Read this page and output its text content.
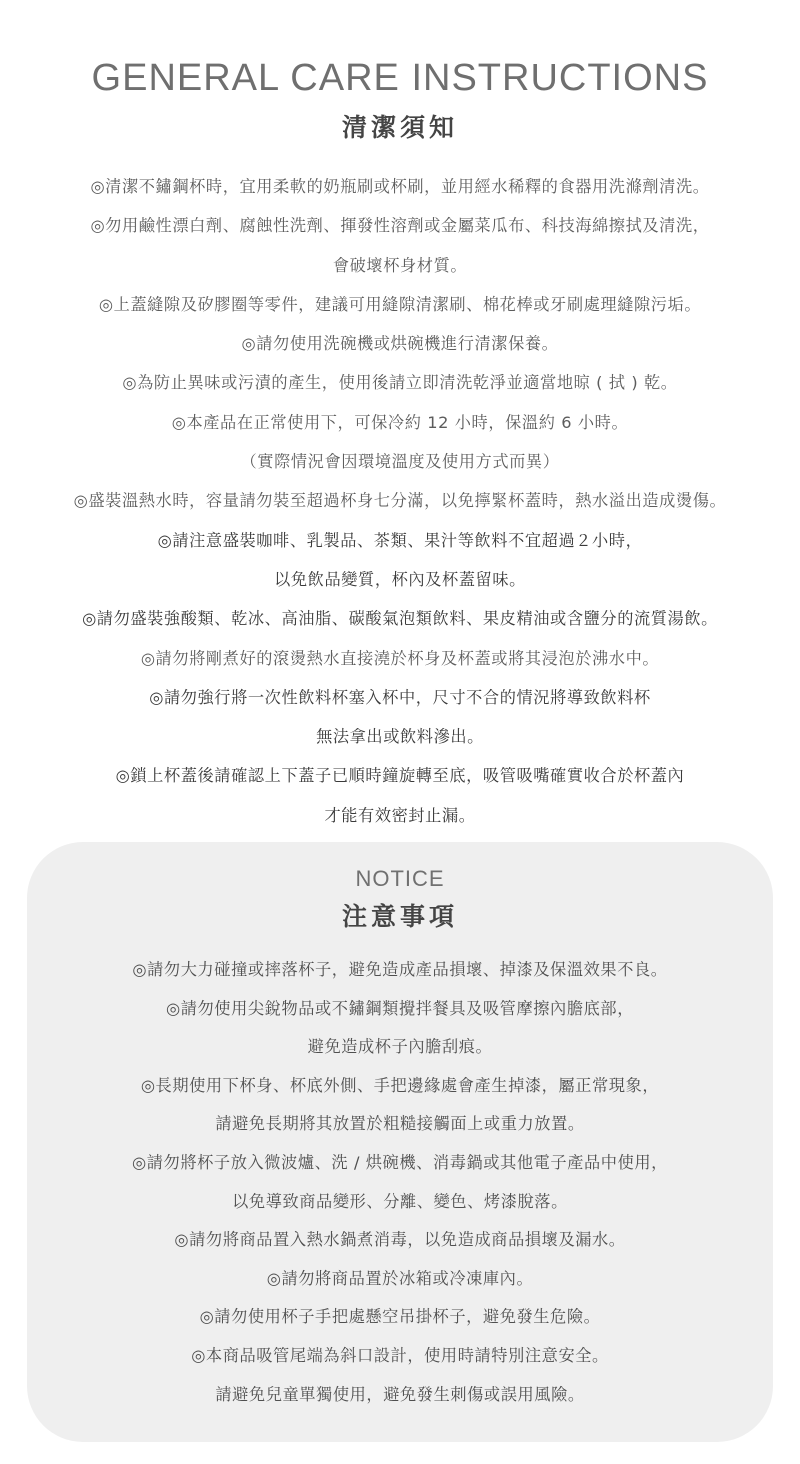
GENERAL CARE INSTRUCTIONS
清潔須知
◎清潔不鏽鋼杯時，宜用柔軟的奶瓶刷或杯刷，並用經水稀釋的食器用洗滌劑清洗。
◎勿用鹼性漂白劑、腐蝕性洗劑、揮發性溶劑或金屬菜瓜布、科技海綿擦拭及清洗，
會破壞杯身材質。
◎上蓋縫隙及矽膠圈等零件，建議可用縫隙清潔刷、棉花棒或牙刷處理縫隙污垢。
◎請勿使用洗碗機或烘碗機進行清潔保養。
◎為防止異味或污漬的產生，使用後請立即清洗乾淨並適當地晾 ( 拭 ) 乾。
◎本產品在正常使用下，可保冷約 12 小時，保溫約 6 小時。
（實際情況會因環境溫度及使用方式而異）
◎盛裝溫熱水時，容量請勿裝至超過杯身七分滿，以免擰緊杯蓋時，熱水溢出造成燙傷。
◎請注意盛裝咖啡、乳製品、茶類、果汁等飲料不宜超過２小時，
以免飲品變質，杯內及杯蓋留味。
◎請勿盛裝強酸類、乾冰、高油脂、碳酸氣泡類飲料、果皮精油或含鹽分的流質湯飲。
◎請勿將剛煮好的滾燙熱水直接澆於杯身及杯蓋或將其浸泡於沸水中。
◎請勿強行將一次性飲料杯塞入杯中，尺寸不合的情況將導致飲料杯
無法拿出或飲料滲出。
◎鎖上杯蓋後請確認上下蓋子已順時鐘旋轉至底，吸管吸嘴確實收合於杯蓋內
才能有效密封止漏。
NOTICE
注意事項
◎請勿大力碰撞或摔落杯子，避免造成產品損壞、掉漆及保溫效果不良。
◎請勿使用尖銳物品或不鏽鋼類攪拌餐具及吸管摩擦內膽底部，
避免造成杯子內膽刮痕。
◎長期使用下杯身、杯底外側、手把邊緣處會產生掉漆，屬正常現象，
請避免長期將其放置於粗糙接觸面上或重力放置。
◎請勿將杯子放入微波爐、洗 / 烘碗機、消毒鍋或其他電子產品中使用，
以免導致商品變形、分離、變色、烤漆脫落。
◎請勿將商品置入熱水鍋煮消毒，以免造成商品損壞及漏水。
◎請勿將商品置於冰箱或冷凍庫內。
◎請勿使用杯子手把處懸空吊掛杯子，避免發生危險。
◎本商品吸管尾端為斜口設計，使用時請特別注意安全。
請避免兒童單獨使用，避免發生刺傷或誤用風險。
